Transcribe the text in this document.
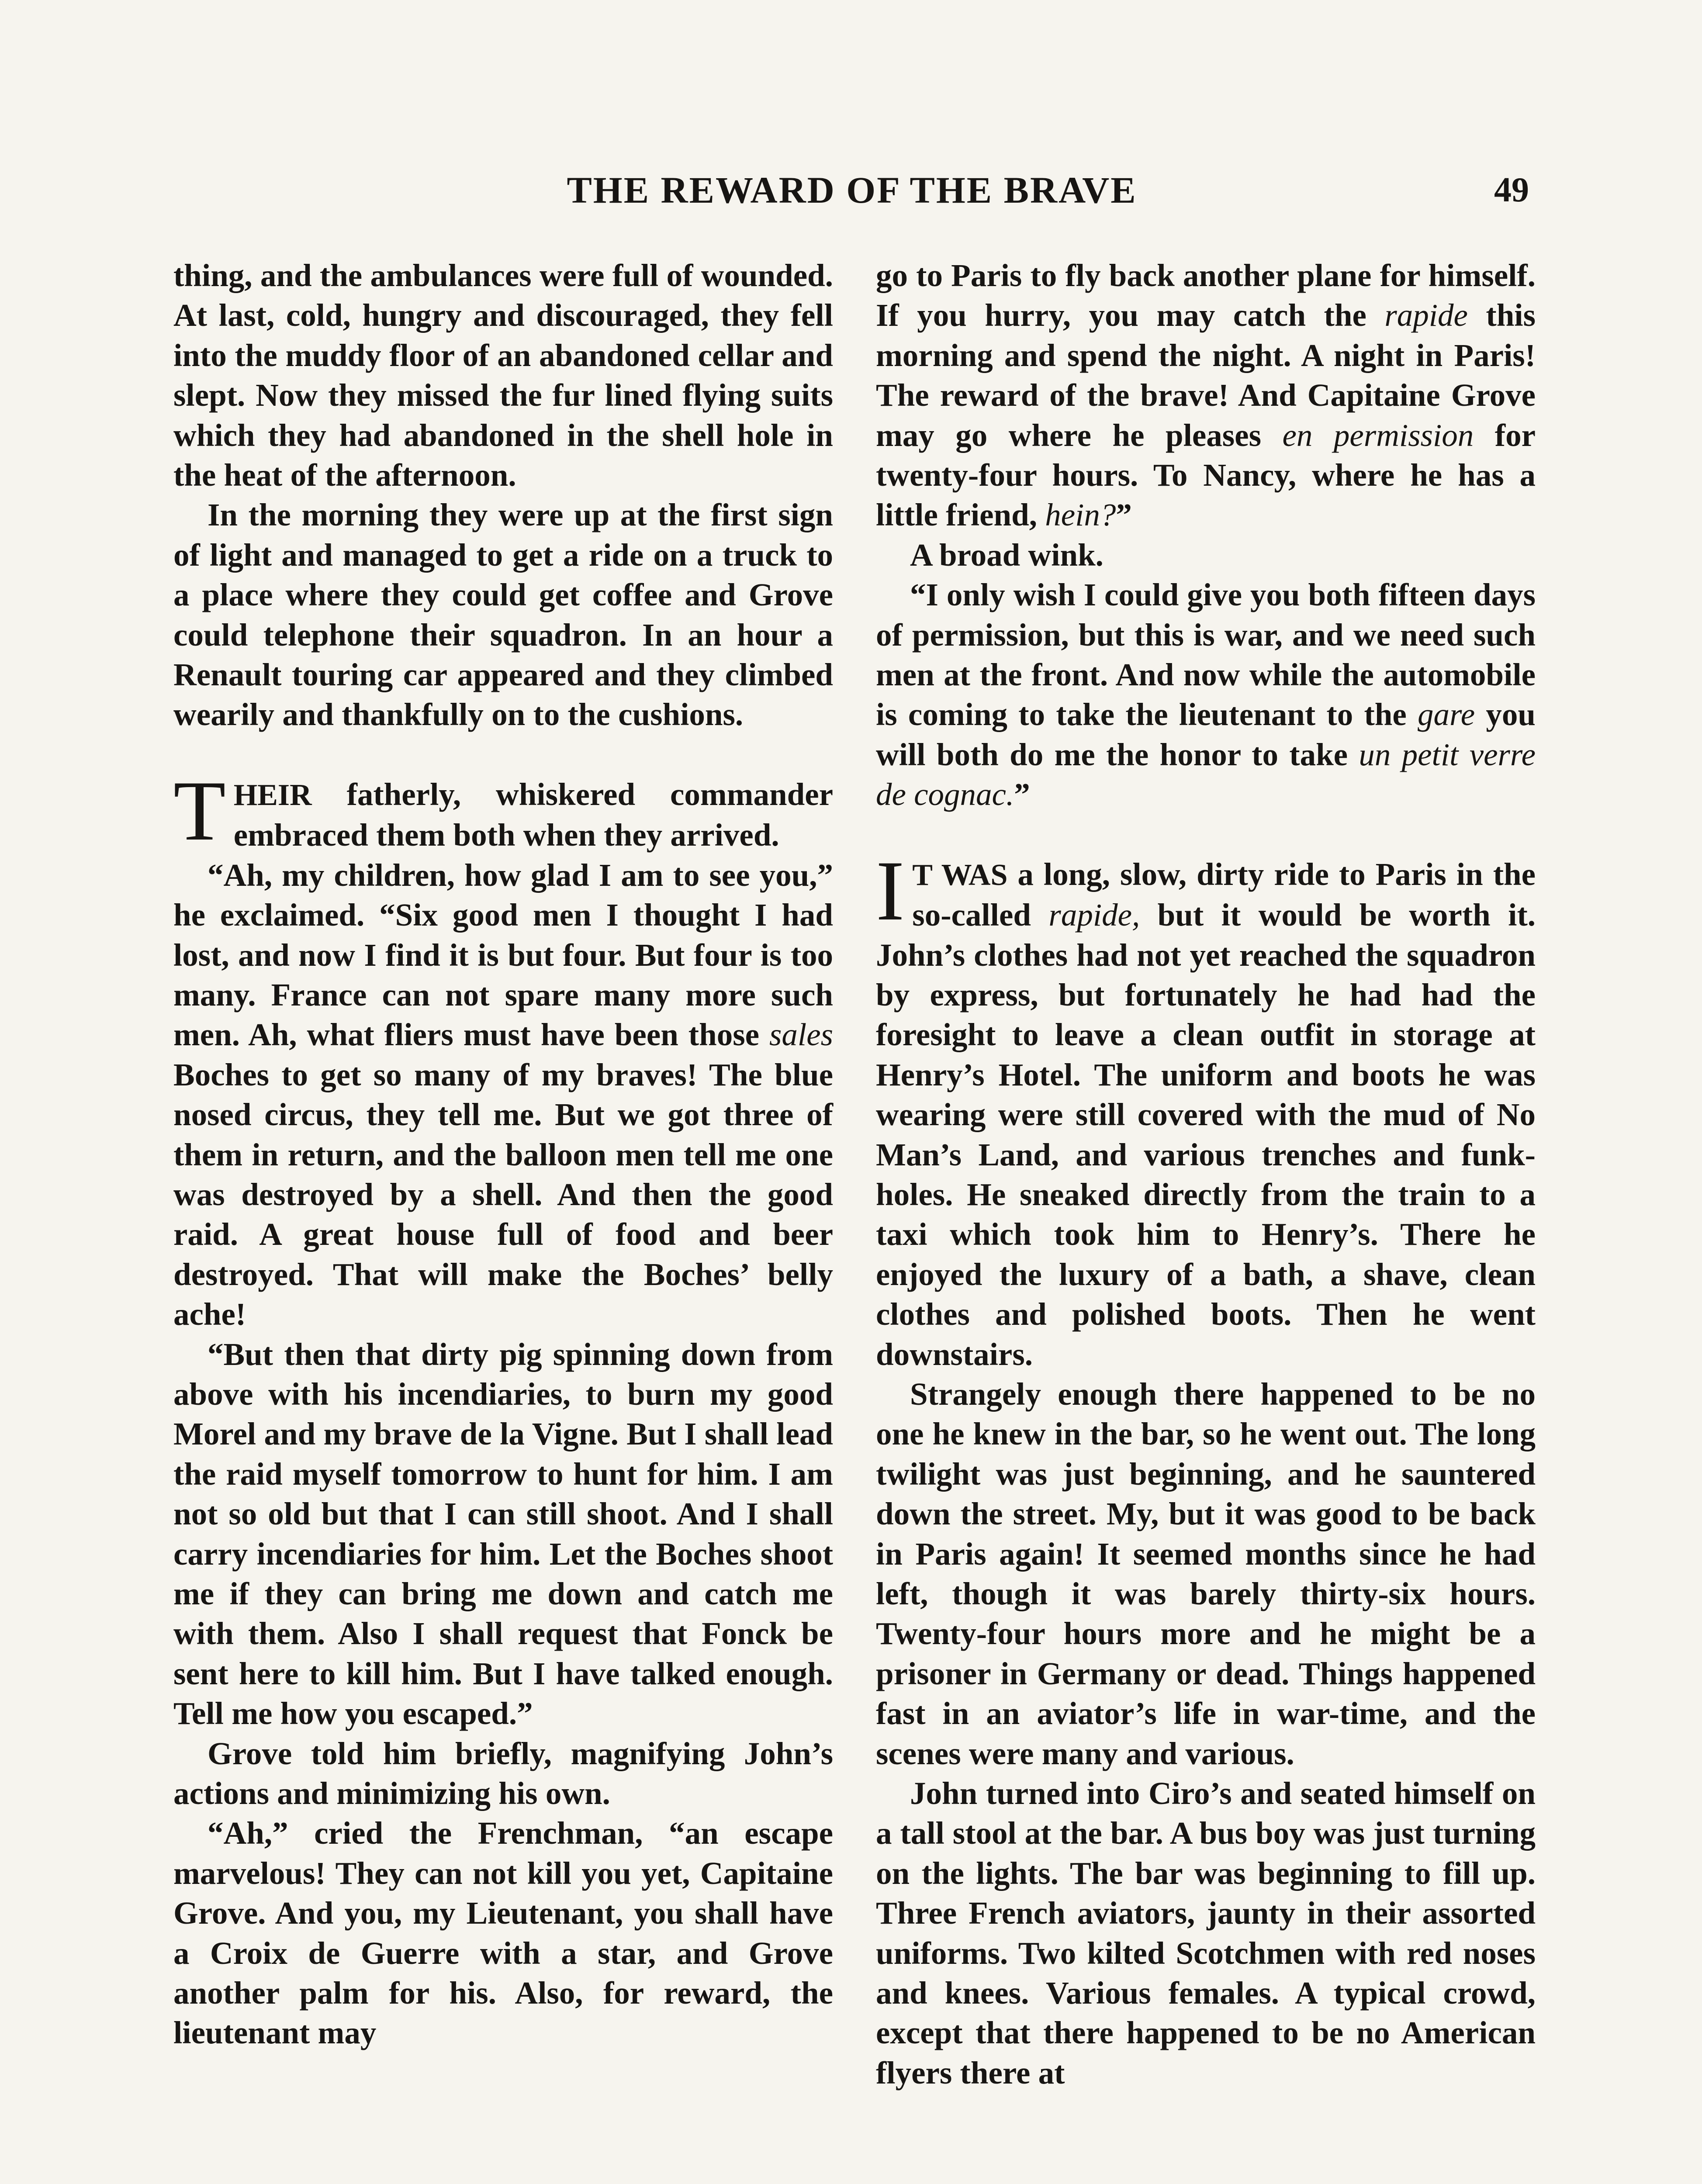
THE REWARD OF THE BRAVE	49

thing, and the ambulances were full of wounded. At last, cold, hungry and discouraged, they fell into the muddy floor of an abandoned cellar and slept. Now they missed the fur lined flying suits which they had abandoned in the shell hole in the heat of the afternoon.

In the morning they were up at the first sign of light and managed to get a ride on a truck to a place where they could get coffee and Grove could telephone their squadron. In an hour a Renault touring car appeared and they climbed wearily and thankfully on to the cushions.

THEIR fatherly, whiskered commander embraced them both when they arrived.

“Ah, my children, how glad I am to see you,” he exclaimed. “Six good men I thought I had lost, and now I find it is but four. But four is too many. France can not spare many more such men. Ah, what fliers must have been those sales Boches to get so many of my braves! The blue nosed circus, they tell me. But we got three of them in return, and the balloon men tell me one was destroyed by a shell. And then the good raid. A great house full of food and beer destroyed. That will make the Boches’ belly ache!

“But then that dirty pig spinning down from above with his incendiaries, to burn my good Morel and my brave de la Vigne. But I shall lead the raid myself tomorrow to hunt for him. I am not so old but that I can still shoot. And I shall carry incendiaries for him. Let the Boches shoot me if they can bring me down and catch me with them. Also I shall request that Fonck be sent here to kill him. But I have talked enough. Tell me how you escaped.”

Grove told him briefly, magnifying John’s actions and minimizing his own.

“Ah,” cried the Frenchman, “an escape marvelous! They can not kill you yet, Capitaine Grove. And you, my Lieutenant, you shall have a Croix de Guerre with a star, and Grove another palm for his. Also, for reward, the lieutenant may

go to Paris to fly back another plane for himself. If you hurry, you may catch the rapide this morning and spend the night. A night in Paris! The reward of the brave! And Capitaine Grove may go where he pleases en permission for twenty-four hours. To Nancy, where he has a little friend, hein?”

A broad wink.

“I only wish I could give you both fifteen days of permission, but this is war, and we need such men at the front. And now while the automobile is coming to take the lieutenant to the gare you will both do me the honor to take un petit verre de cognac.”

I T WAS a long, slow, dirty ride to Paris in the so-called rapide, but it would be worth it. John’s clothes had not yet reached the squadron by express, but fortunately he had had the foresight to leave a clean outfit in storage at Henry’s Hotel. The uniform and boots he was wearing were still covered with the mud of No Man’s Land, and various trenches and funk-holes. He sneaked directly from the train to a taxi which took him to Henry’s. There he enjoyed the luxury of a bath, a shave, clean clothes and polished boots. Then he went downstairs.

Strangely enough there happened to be no one he knew in the bar, so he went out. The long twilight was just beginning, and he sauntered down the street. My, but it was good to be back in Paris again! It seemed months since he had left, though it was barely thirty-six hours. Twenty-four hours more and he might be a prisoner in Germany or dead. Things happened fast in an aviator’s life in war-time, and the scenes were many and various.

John turned into Ciro’s and seated himself on a tall stool at the bar. A bus boy was just turning on the lights. The bar was beginning to fill up. Three French aviators, jaunty in their assorted uniforms. Two kilted Scotchmen with red noses and knees. Various females. A typical crowd, except that there happened to be no American flyers there at
